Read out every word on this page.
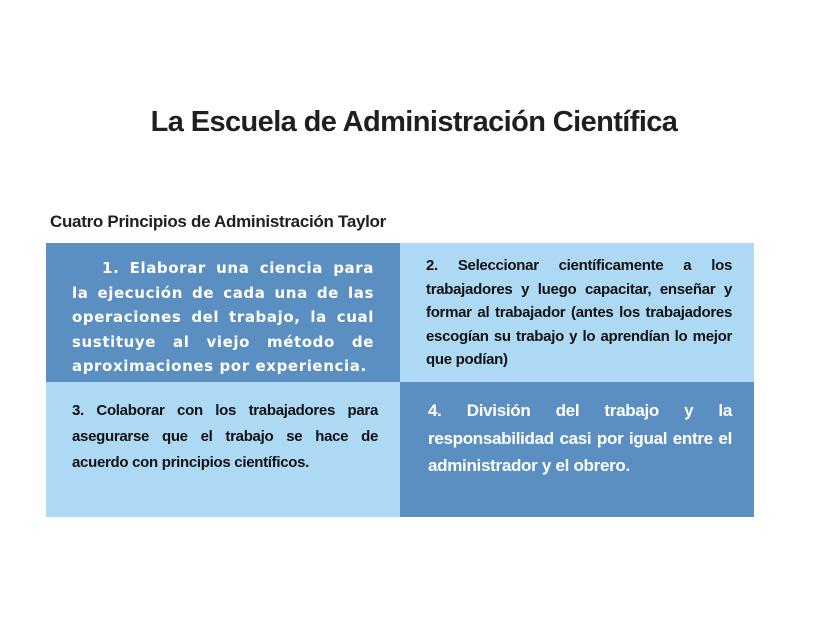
La Escuela de Administración Científica
Cuatro Principios de Administración Taylor
1. Elaborar una ciencia para la ejecución de cada una de las operaciones del trabajo, la cual sustituye al viejo método de aproximaciones por experiencia.
2. Seleccionar científicamente a los trabajadores y luego capacitar, enseñar y formar al trabajador (antes los trabajadores escogían su trabajo y lo aprendían lo mejor que podían)
3. Colaborar con los trabajadores para asegurarse que el trabajo se hace de acuerdo con principios científicos.
4. División del trabajo y la responsabilidad casi por igual entre el administrador y el obrero.
